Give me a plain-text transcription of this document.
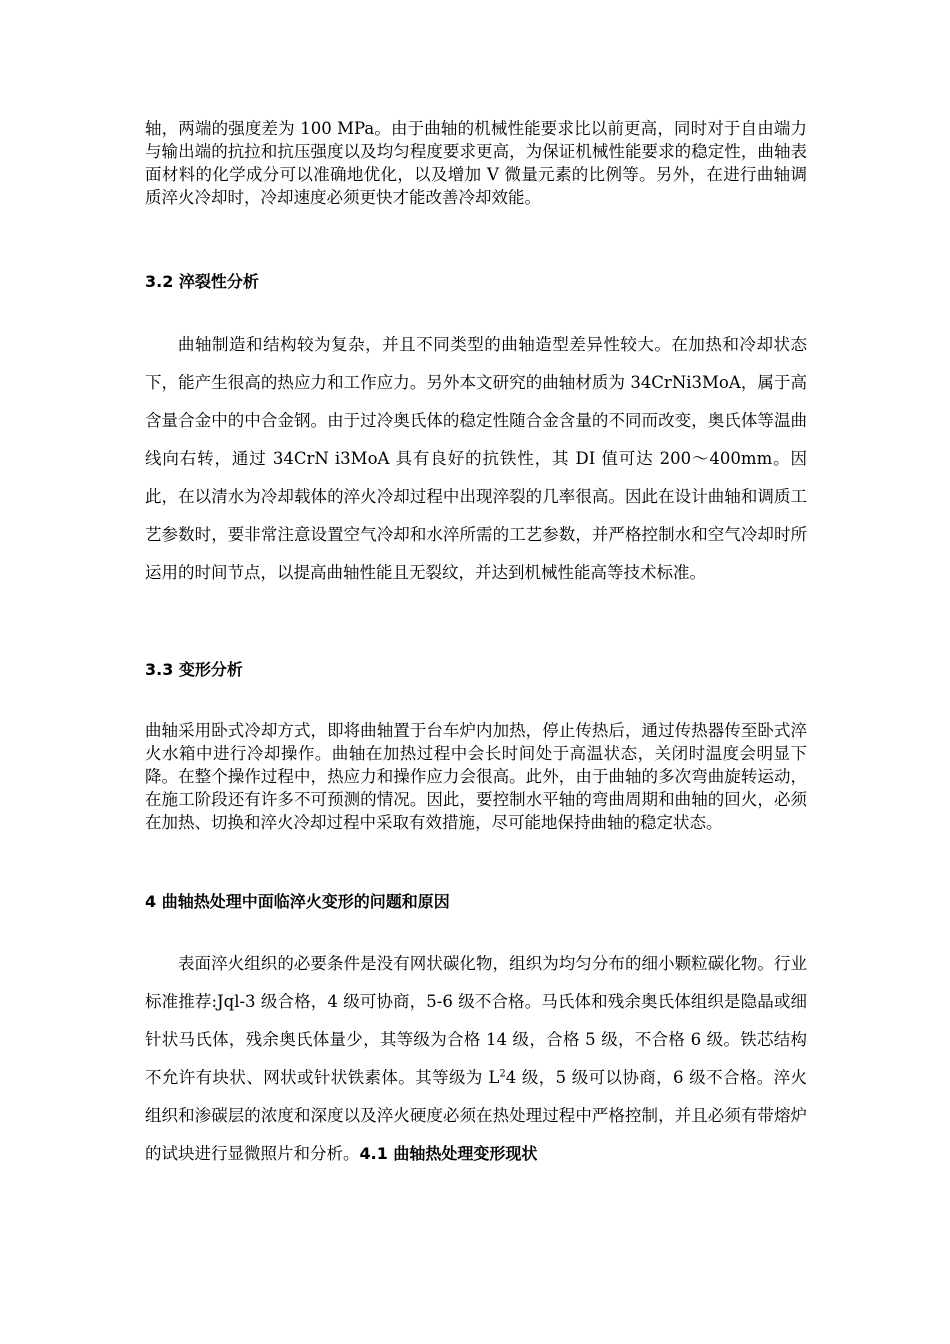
轴，两端的强度差为 100 MPa。由于曲轴的机械性能要求比以前更高，同时对于自由端力与输出端的抗拉和抗压强度以及均匀程度要求更高，为保证机械性能要求的稳定性，曲轴表面材料的化学成分可以准确地优化，以及增加 V 微量元素的比例等。另外，在进行曲轴调质淬火冷却时，冷却速度必须更快才能改善冷却效能。

3.2 淬裂性分析

曲轴制造和结构较为复杂，并且不同类型的曲轴造型差异性较大。在加热和冷却状态下，能产生很高的热应力和工作应力。另外本文研究的曲轴材质为 34CrNi3MoA，属于高含量合金中的中合金钢。由于过冷奥氏体的稳定性随合金含量的不同而改变，奥氏体等温曲线向右转，通过 34CrN i3MoA 具有良好的抗铁性，其 DI 值可达 200～400mm。因此，在以清水为冷却载体的淬火冷却过程中出现淬裂的几率很高。因此在设计曲轴和调质工艺参数时，要非常注意设置空气冷却和水淬所需的工艺参数，并严格控制水和空气冷却时所运用的时间节点，以提高曲轴性能且无裂纹，并达到机械性能高等技术标准。

3.3 变形分析

曲轴采用卧式冷却方式，即将曲轴置于台车炉内加热，停止传热后，通过传热器传至卧式淬火水箱中进行冷却操作。曲轴在加热过程中会长时间处于高温状态，关闭时温度会明显下降。在整个操作过程中，热应力和操作应力会很高。此外，由于曲轴的多次弯曲旋转运动，在施工阶段还有许多不可预测的情况。因此，要控制水平轴的弯曲周期和曲轴的回火，必须在加热、切换和淬火冷却过程中采取有效措施，尽可能地保持曲轴的稳定状态。

4 曲轴热处理中面临淬火变形的问题和原因

表面淬火组织的必要条件是没有网状碳化物，组织为均匀分布的细小颗粒碳化物。行业标准推荐:Jql-3 级合格，4 级可协商，5-6 级不合格。马氏体和残余奥氏体组织是隐晶或细针状马氏体，残余奥氏体量少，其等级为合格 14 级，合格 5 级，不合格 6 级。铁芯结构不允许有块状、网状或针状铁素体。其等级为 $L^24$ 级，5 级可以协商，6 级不合格。淬火组织和渗碳层的浓度和深度以及淬火硬度必须在热处理过程中严格控制，并且必须有带熔炉的试块进行显微照片和分析。4.1 曲轴热处理变形现状
